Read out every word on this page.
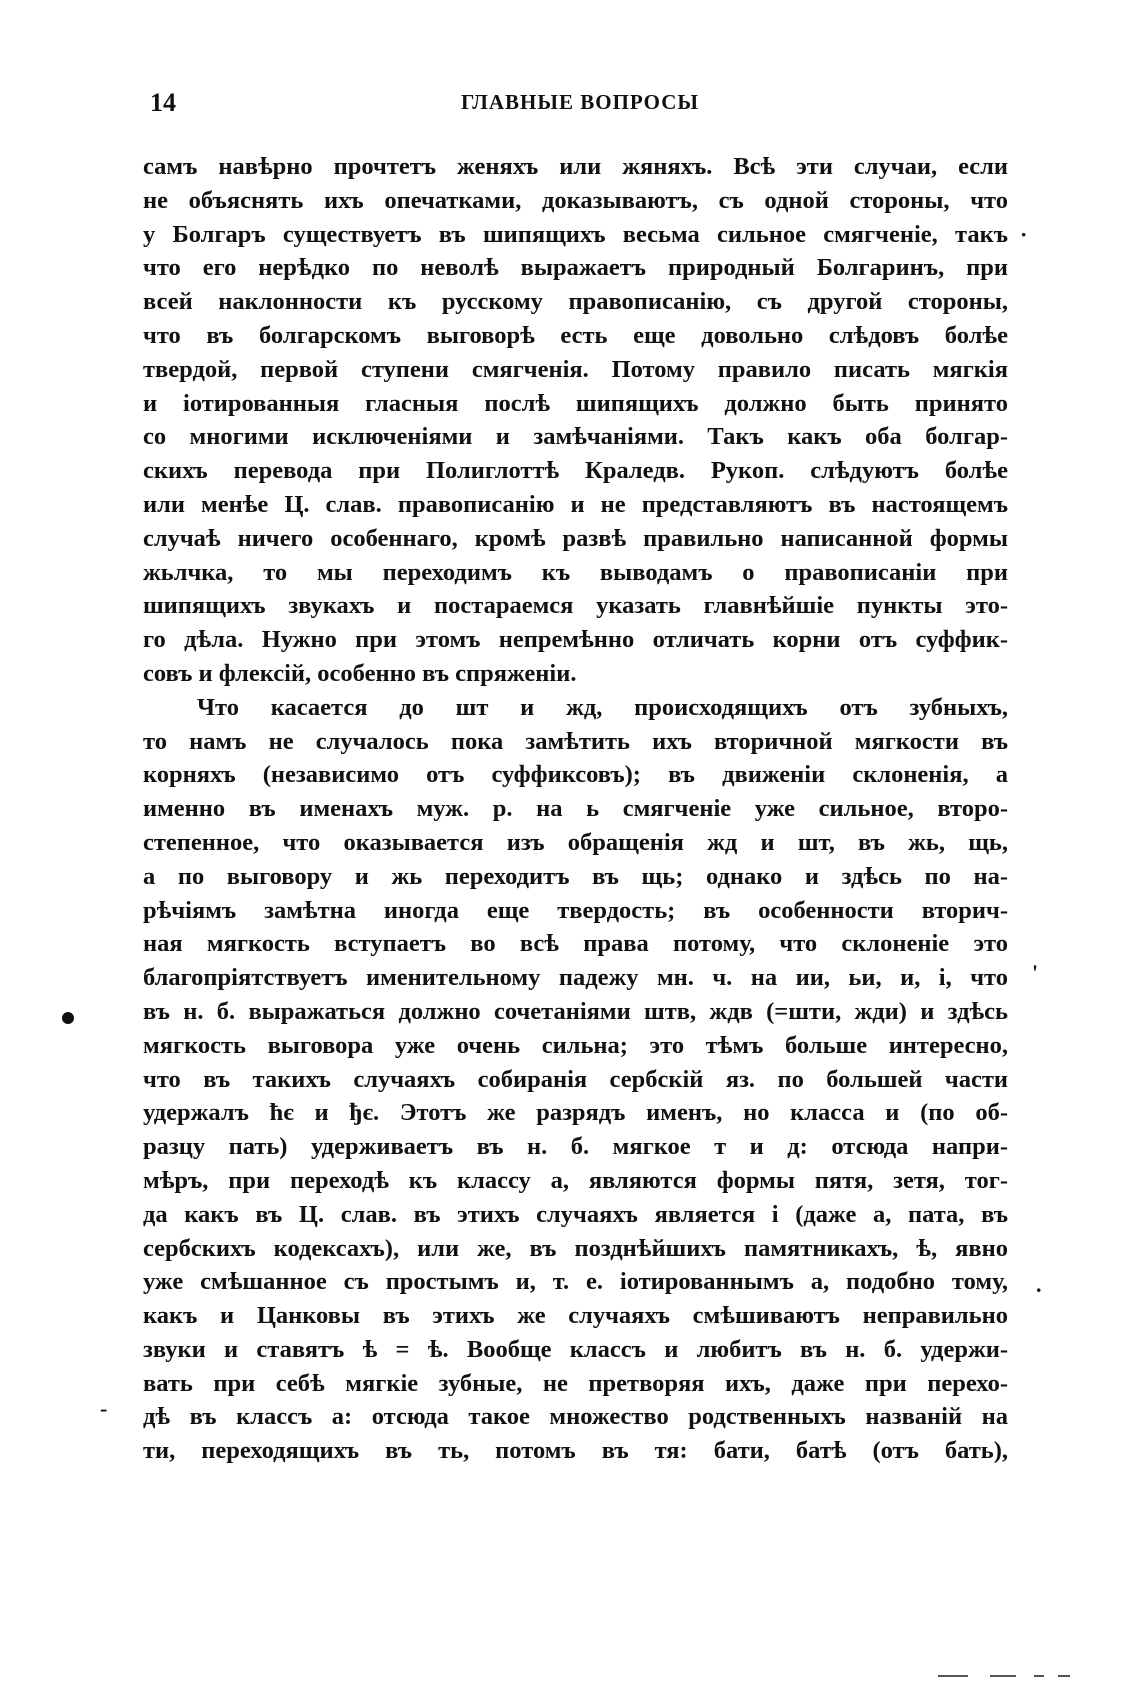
14	ГЛАВНЫЕ ВОПРОСЫ
самъ навѣрно прочтетъ женяхъ или жяняхъ. Всѣ эти случаи, если
не объяснять ихъ опечатками, доказываютъ, съ одной стороны, что
у Болгаръ существуетъ въ шипящихъ весьма сильное смягченіе, такъ
что его нерѣдко по неволѣ выражаетъ природный Болгаринъ, при
всей наклонности къ русскому правописанію, съ другой стороны,
что въ болгарскомъ выговорѣ есть еще довольно слѣдовъ болѣе
твердой, первой ступени смягченія. Потому правило писать мягкія
и іотированныя гласныя послѣ шипящихъ должно быть принято
со многими исключеніями и замѣчаніями. Такъ какъ оба болгар-
скихъ перевода при Полиглоттѣ Краледв. Рукоп. слѣдуютъ болѣе
или менѣе Ц. слав. правописанію и не представляютъ въ настоящемъ
случаѣ ничего особеннаго, кромѣ развѣ правильно написанной формы
жьлчка, то мы переходимъ къ выводамъ о правописаніи при
шипящихъ звукахъ и постараемся указать главнѣйшіе пункты это-
го дѣла. Нужно при этомъ непремѣнно отличать корни отъ суффик-
совъ и флексій, особенно въ спряженіи.
Что касается до шт и жд, происходящихъ отъ зубныхъ,
то намъ не случалось пока замѣтить ихъ вторичной мягкости въ
корняхъ (независимо отъ суффиксовъ); въ движеніи склоненія, а
именно въ именахъ муж. р. на ь смягченіе уже сильное, второ-
степенное, что оказывается изъ обращенія жд и шт, въ жь, щь,
а по выговору и жь переходитъ въ щь; однако и здѣсь по на-
рѣчіямъ замѣтна иногда еще твердость; въ особенности вторич-
ная мягкость вступаетъ во всѣ права потому, что склоненіе это
благопріятствуетъ именительному падежу мн. ч. на ии, ьи, и, і, что
въ н. б. выражаться должно сочетаніями штв, ждв (=шти, жди) и здѣсь
мягкость выговора уже очень сильна; это тѣмъ больше интересно,
что въ такихъ случаяхъ собиранія сербскій яз. по большей части
удержалъ ћє и ђє. Этотъ же разрядъ именъ, но класса и (по об-
разцу пать) удерживаетъ въ н. б. мягкое т и д: отсюда напри-
мѣръ, при переходѣ къ классу а, являются формы пятя, зетя, тог-
да какъ въ Ц. слав. въ этихъ случаяхъ является і (даже а, пата, въ
сербскихъ кодексахъ), или же, въ позднѣйшихъ памятникахъ, ѣ, явно
уже смѣшанное съ простымъ и, т. е. іотированнымъ а, подобно тому,
какъ и Цанковы въ этихъ же случаяхъ смѣшиваютъ неправильно
звуки и ставятъ ѣ = ѣ. Вообще классъ и любитъ въ н. б. удержи-
вать при себѣ мягкіе зубные, не претворяя ихъ, даже при перехо-
дѣ въ классъ а: отсюда такое множество родственныхъ названій на
ти, переходящихъ въ ть, потомъ въ тя: бати, батѣ (отъ бать),
·
'
.
-
